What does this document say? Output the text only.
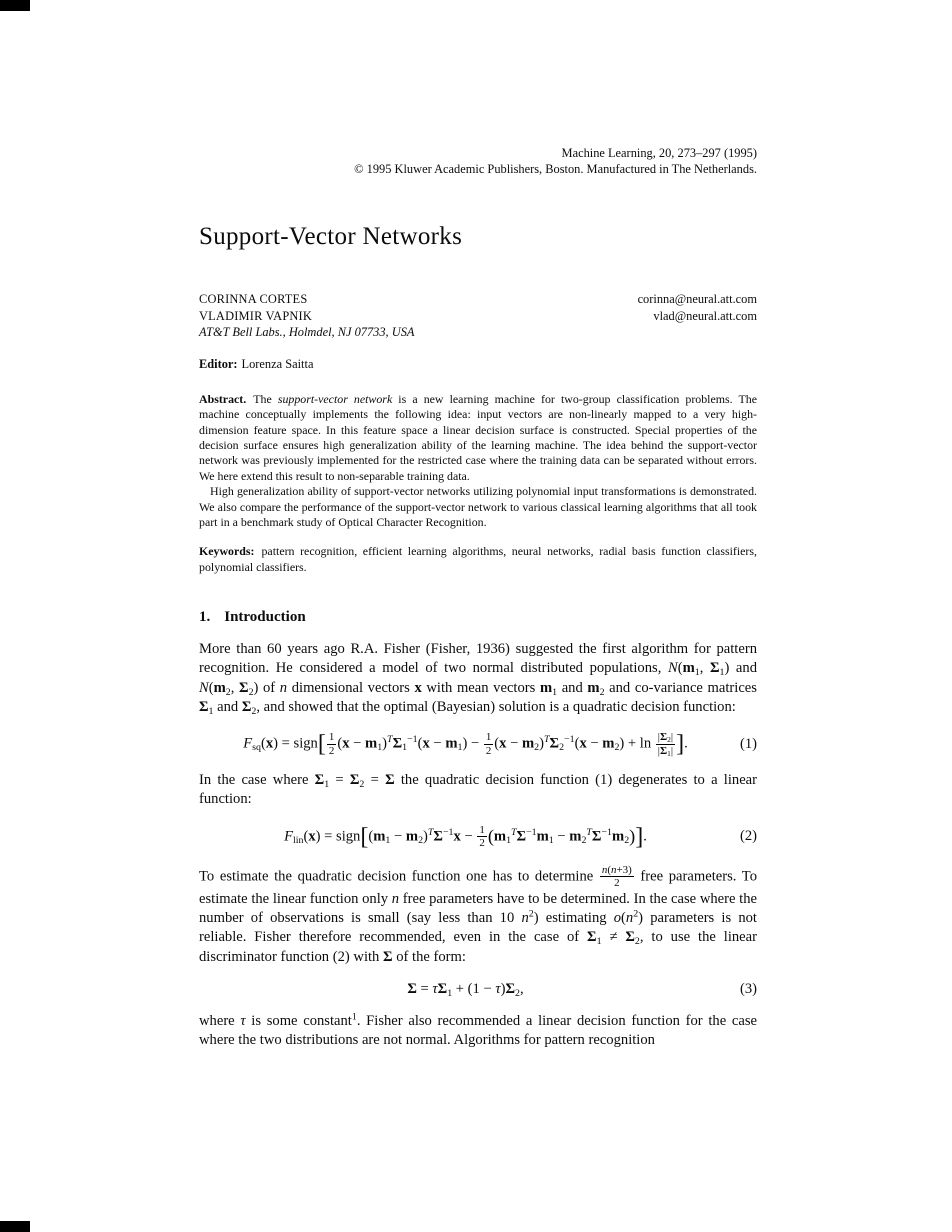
Machine Learning, 20, 273–297 (1995)
© 1995 Kluwer Academic Publishers, Boston. Manufactured in The Netherlands.
Support-Vector Networks
CORINNA CORTES	corinna@neural.att.com
VLADIMIR VAPNIK	vlad@neural.att.com
AT&T Bell Labs., Holmdel, NJ 07733, USA
Editor: Lorenza Saitta

Abstract. The support-vector network is a new learning machine for two-group classification problems. The machine conceptually implements the following idea: input vectors are non-linearly mapped to a very high-dimension feature space. In this feature space a linear decision surface is constructed. Special properties of the decision surface ensures high generalization ability of the learning machine. The idea behind the support-vector network was previously implemented for the restricted case where the training data can be separated without errors. We here extend this result to non-separable training data.

High generalization ability of support-vector networks utilizing polynomial input transformations is demonstrated. We also compare the performance of the support-vector network to various classical learning algorithms that all took part in a benchmark study of Optical Character Recognition.

Keywords: pattern recognition, efficient learning algorithms, neural networks, radial basis function classifiers, polynomial classifiers.
1. Introduction

More than 60 years ago R.A. Fisher (Fisher, 1936) suggested the first algorithm for pattern recognition. He considered a model of two normal distributed populations, $N(m_1$, $\Sigma_1$) and $N(m_2$, $\Sigma_2$) of n dimensional vectors x with mean vectors $m_1$ and $m_2$ and co-variance matrices $\Sigma_1$ and $\Sigma_2$, and showed that the optimal (Bayesian) solution is a quadratic decision function:

$F_{sq}(x)$ = sign[ $\frac{1}{2} (x - m_1)^T\Sigma_1^{-1}(x - m_1) - \frac{1}{2} (x - m_2)^T\Sigma_2^{-1}(x - m_2) + \ln \frac{|\Sigma_2|}{|\Sigma_1|}$ ].	(1)

In the case where $\Sigma_1 = \Sigma_2 = \Sigma$ the quadratic decision function (1) degenerates to a linear function:

$F_{lin}(x)$ = $sign[(m_1 - m_2)^T\Sigma^{-1}x - \frac{1}{2} (m_1^T\Sigma^{-1}m_1 - m_2^T\Sigma^{-1}m_2)]$.	(2)

To estimate the quadratic decision function one has to determine $\frac{n(n+3)}{2}$ free parameters. To estimate the linear function only n free parameters have to be determined. In the case where the number of observations is small (say less than 10 $n^2$) estimating $o(n^2)$ parameters is not reliable. Fisher therefore recommended, even in the case of $\Sigma_1 \ne \Sigma_2$, to use the linear discriminator function (2) with Σ of the form:

$\Sigma = \tau\Sigma_1 + (1 - \tau)\Sigma_2$,	(3)

where τ is some constant$^1$. Fisher also recommended a linear decision function for the case where the two distributions are not normal. Algorithms for pattern recognition
